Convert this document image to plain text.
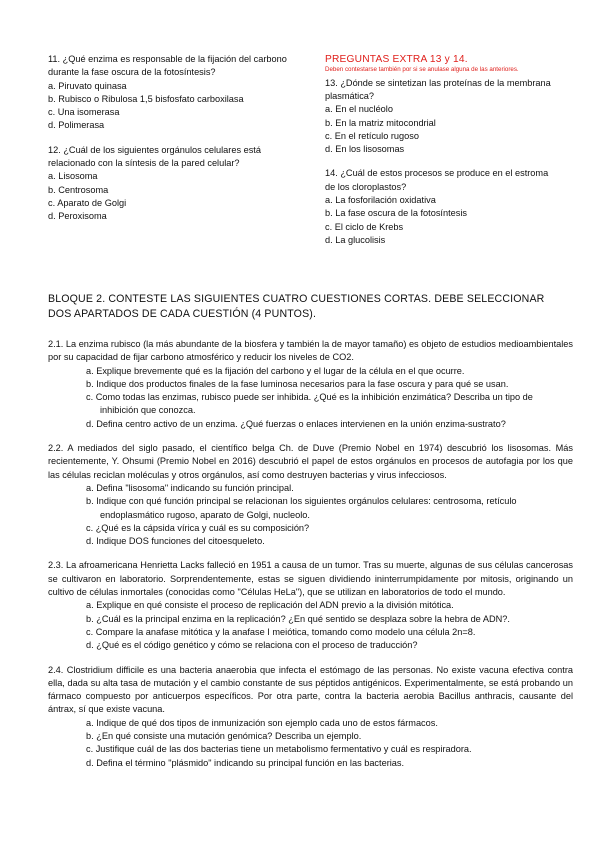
11. ¿Qué enzima es responsable de la fijación del carbono durante la fase oscura de la fotosíntesis?

a. Piruvato quinasa

b. Rubisco o Ribulosa 1,5 bisfosfato carboxilasa

c. Una isomerasa

d. Polimerasa

12. ¿Cuál de los siguientes orgánulos celulares está relacionado con la síntesis de la pared celular?

a. Lisosoma

b. Centrosoma

c. Aparato de Golgi

d. Peroxisoma

PREGUNTAS EXTRA 13 y 14.
Deben contestarse también por si se anulase alguna de las anteriores.

13. ¿Dónde se sintetizan las proteínas de la membrana plasmática?

a. En el nucléolo

b. En la matriz mitocondrial

c. En el retículo rugoso

d. En los lisosomas

14. ¿Cuál de estos procesos se produce en el estroma de los cloroplastos?

a. La fosforilación oxidativa

b. La fase oscura de la fotosíntesis

c. El ciclo de Krebs

d. La glucolisis

BLOQUE 2. CONTESTE LAS SIGUIENTES CUATRO CUESTIONES CORTAS. DEBE SELECCIONAR DOS APARTADOS DE CADA CUESTIÓN (4 PUNTOS).

2.1. La enzima rubisco (la más abundante de la biosfera y también la de mayor tamaño) es objeto de estudios medioambientales por su capacidad de fijar carbono atmosférico y reducir los niveles de CO2.

a. Explique brevemente qué es la fijación del carbono y el lugar de la célula en el que ocurre.

b. Indique dos productos finales de la fase luminosa necesarios para la fase oscura y para qué se usan.

c. Como todas las enzimas, rubisco puede ser inhibida. ¿Qué es la inhibición enzimática? Describa un tipo de inhibición que conozca.

d. Defina centro activo de un enzima. ¿Qué fuerzas o enlaces intervienen en la unión enzima-sustrato?

2.2. A mediados del siglo pasado, el científico belga Ch. de Duve (Premio Nobel en 1974) descubrió los lisosomas. Más recientemente, Y. Ohsumi (Premio Nobel en 2016) descubrió el papel de estos orgánulos en procesos de autofagia por los que las células reciclan moléculas y otros orgánulos, así como destruyen bacterias y virus infecciosos.

a. Defina "lisosoma" indicando su función principal.

b. Indique con qué función principal se relacionan los siguientes orgánulos celulares: centrosoma, retículo endoplasmático rugoso, aparato de Golgi, nucleolo.

c. ¿Qué es la cápsida vírica y cuál es su composición?

d. Indique DOS funciones del citoesqueleto.

2.3. La afroamericana Henrietta Lacks falleció en 1951 a causa de un tumor. Tras su muerte, algunas de sus células cancerosas se cultivaron en laboratorio. Sorprendentemente, estas se siguen dividiendo ininterrumpidamente por mitosis, originando un cultivo de células inmortales (conocidas como "Células HeLa"), que se utilizan en laboratorios de todo el mundo.

a. Explique en qué consiste el proceso de replicación del ADN previo a la división mitótica.

b. ¿Cuál es la principal enzima en la replicación? ¿En qué sentido se desplaza sobre la hebra de ADN?.

c. Compare la anafase mitótica y la anafase I meiótica, tomando como modelo una célula 2n=8.

d. ¿Qué es el código genético y cómo se relaciona con el proceso de traducción?

2.4. Clostridium difficile es una bacteria anaerobia que infecta el estómago de las personas. No existe vacuna efectiva contra ella, dada su alta tasa de mutación y el cambio constante de sus péptidos antigénicos. Experimentalmente, se está probando un fármaco compuesto por anticuerpos específicos. Por otra parte, contra la bacteria aerobia Bacillus anthracis, causante del ántrax, sí que existe vacuna.

a. Indique de qué dos tipos de inmunización son ejemplo cada uno de estos fármacos.

b. ¿En qué consiste una mutación genómica? Describa un ejemplo.

c. Justifique cuál de las dos bacterias tiene un metabolismo fermentativo y cuál es respiradora.

d. Defina el término "plásmido" indicando su principal función en las bacterias.
